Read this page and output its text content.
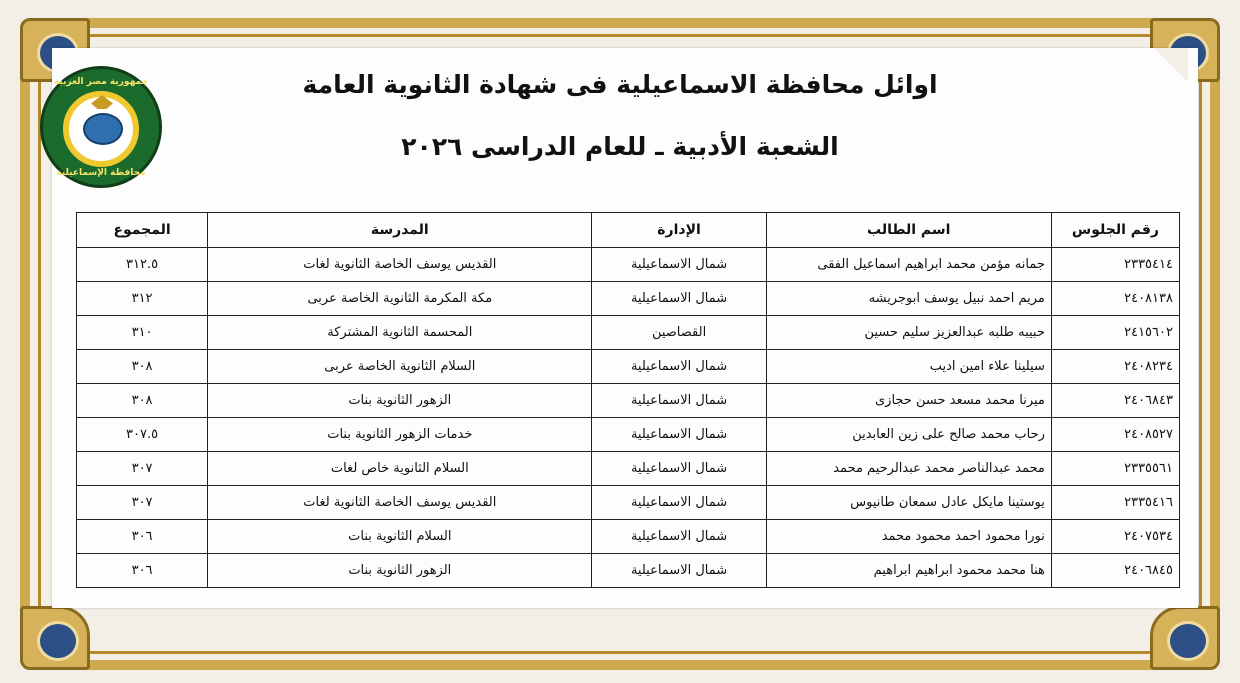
جمهورية مصر العربية
محافظة الإسماعيلية
اوائل محافظة الاسماعيلية فى شهادة الثانوية العامة
الشعبة الأدبية ـ للعام الدراسى ٢٠٢٦
رقم الجلوس	اسم الطالب	الإدارة	المدرسة	المجموع
٢٣٣٥٤١٤	جمانه مؤمن محمد ابراهيم اسماعيل الفقى	شمال الاسماعيلية	القديس يوسف الخاصة الثانوية لغات	٣١٢.٥
٢٤٠٨١٣٨	مريم احمد نبيل يوسف ابوجريشه	شمال الاسماعيلية	مكة المكرمة الثانوية الخاصة عربى	٣١٢
٢٤١٥٦٠٢	حبيبه طلبه عبدالعزيز سليم حسين	القصاصين	المحسمة الثانوية المشتركة	٣١٠
٢٤٠٨٢٣٤	سيلينا علاء امين اديب	شمال الاسماعيلية	السلام الثانوية الخاصة عربى	٣٠٨
٢٤٠٦٨٤٣	ميرنا محمد مسعد حسن حجازى	شمال الاسماعيلية	الزهور الثانوية بنات	٣٠٨
٢٤٠٨٥٢٧	رحاب محمد صالح على زين العابدين	شمال الاسماعيلية	خدمات الزهور الثانوية بنات	٣٠٧.٥
٢٣٣٥٥٦١	محمد عبدالناصر محمد عبدالرحيم محمد	شمال الاسماعيلية	السلام الثانوية خاص لغات	٣٠٧
٢٣٣٥٤١٦	يوستينا مايكل عادل سمعان طانيوس	شمال الاسماعيلية	القديس يوسف الخاصة الثانوية لغات	٣٠٧
٢٤٠٧٥٣٤	نورا محمود احمد محمود محمد	شمال الاسماعيلية	السلام الثانوية بنات	٣٠٦
٢٤٠٦٨٤٥	هنا محمد محمود ابراهيم ابراهيم	شمال الاسماعيلية	الزهور الثانوية بنات	٣٠٦
